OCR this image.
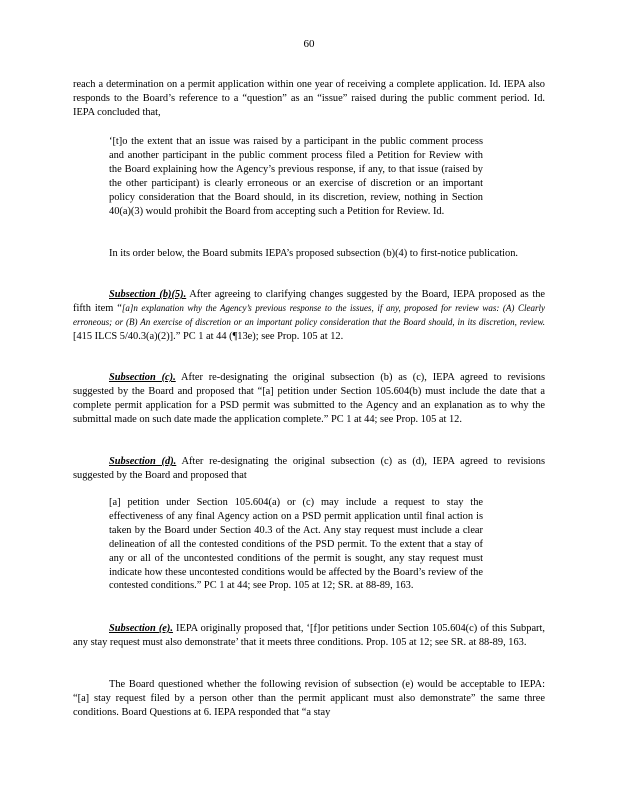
60

reach a determination on a permit application within one year of receiving a complete application. Id. IEPA also responds to the Board’s reference to a “question” as an “issue” raised during the public comment period. Id. IEPA concluded that,

‘[t]o the extent that an issue was raised by a participant in the public comment process and another participant in the public comment process filed a Petition for Review with the Board explaining how the Agency’s previous response, if any, to that issue (raised by the other participant) is clearly erroneous or an exercise of discretion or an important policy consideration that the Board should, in its discretion, review, nothing in Section 40(a)(3) would prohibit the Board from accepting such a Petition for Review. Id.

In its order below, the Board submits IEPA’s proposed subsection (b)(4) to first-notice publication.

Subsection (b)(5). After agreeing to clarifying changes suggested by the Board, IEPA proposed as the fifth item “[a]n explanation why the Agency’s previous response to the issues, if any, proposed for review was: (A) Clearly erroneous; or (B) An exercise of discretion or an important policy consideration that the Board should, in its discretion, review. [415 ILCS 5/40.3(a)(2)].” PC 1 at 44 (¶13e); see Prop. 105 at 12.

Subsection (c). After re-designating the original subsection (b) as (c), IEPA agreed to revisions suggested by the Board and proposed that “[a] petition under Section 105.604(b) must include the date that a complete permit application for a PSD permit was submitted to the Agency and an explanation as to why the submittal made on such date made the application complete.” PC 1 at 44; see Prop. 105 at 12.

Subsection (d). After re-designating the original subsection (c) as (d), IEPA agreed to revisions suggested by the Board and proposed that

[a] petition under Section 105.604(a) or (c) may include a request to stay the effectiveness of any final Agency action on a PSD permit application until final action is taken by the Board under Section 40.3 of the Act. Any stay request must include a clear delineation of all the contested conditions of the PSD permit. To the extent that a stay of any or all of the uncontested conditions of the permit is sought, any stay request must indicate how these uncontested conditions would be affected by the Board’s review of the contested conditions.” PC 1 at 44; see Prop. 105 at 12; SR. at 88-89, 163.

Subsection (e). IEPA originally proposed that, ‘[f]or petitions under Section 105.604(c) of this Subpart, any stay request must also demonstrate’ that it meets three conditions. Prop. 105 at 12; see SR. at 88-89, 163.

The Board questioned whether the following revision of subsection (e) would be acceptable to IEPA: “[a] stay request filed by a person other than the permit applicant must also demonstrate” the same three conditions. Board Questions at 6. IEPA responded that “a stay
